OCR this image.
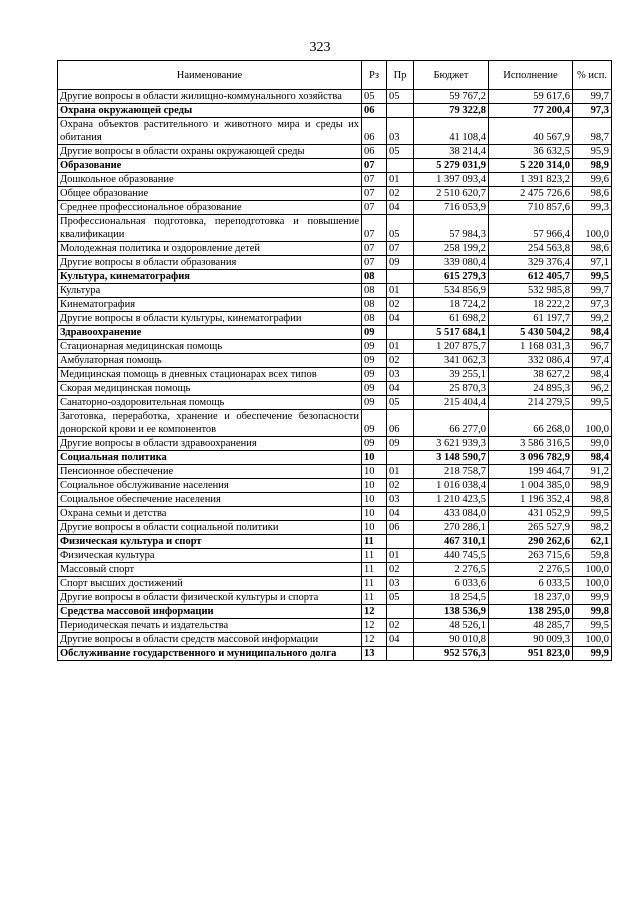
323
Наименование	Рз	Пр	Бюджет	Исполнение	% исп.
Другие вопросы в области жилищно-коммунального хозяйства	05	05	59 767,2	59 617,6	99,7
Охрана окружающей среды	06		79 322,8	77 200,4	97,3
Охрана объектов растительного и животного мира и среды их обитания	06	03	41 108,4	40 567,9	98,7
Другие вопросы в области охраны окружающей среды	06	05	38 214,4	36 632,5	95,9
Образование	07		5 279 031,9	5 220 314,0	98,9
Дошкольное образование	07	01	1 397 093,4	1 391 823,2	99,6
Общее образование	07	02	2 510 620,7	2 475 726,6	98,6
Среднее профессиональное образование	07	04	716 053,9	710 857,6	99,3
Профессиональная подготовка, переподготовка и повышение квалификации	07	05	57 984,3	57 966,4	100,0
Молодежная политика и оздоровление детей	07	07	258 199,2	254 563,8	98,6
Другие вопросы в области образования	07	09	339 080,4	329 376,4	97,1
Культура, кинематография	08		615 279,3	612 405,7	99,5
Культура	08	01	534 856,9	532 985,8	99,7
Кинематография	08	02	18 724,2	18 222,2	97,3
Другие вопросы в области культуры, кинематографии	08	04	61 698,2	61 197,7	99,2
Здравоохранение	09		5 517 684,1	5 430 504,2	98,4
Стационарная медицинская помощь	09	01	1 207 875,7	1 168 031,3	96,7
Амбулаторная помощь	09	02	341 062,3	332 086,4	97,4
Медицинская помощь в дневных стационарах всех типов	09	03	39 255,1	38 627,2	98,4
Скорая медицинская помощь	09	04	25 870,3	24 895,3	96,2
Санаторно-оздоровительная помощь	09	05	215 404,4	214 279,5	99,5
Заготовка, переработка, хранение и обеспечение безопасности донорской крови и ее компонентов	09	06	66 277,0	66 268,0	100,0
Другие вопросы в области здравоохранения	09	09	3 621 939,3	3 586 316,5	99,0
Социальная политика	10		3 148 590,7	3 096 782,9	98,4
Пенсионное обеспечение	10	01	218 758,7	199 464,7	91,2
Социальное обслуживание населения	10	02	1 016 038,4	1 004 385,0	98,9
Социальное обеспечение населения	10	03	1 210 423,5	1 196 352,4	98,8
Охрана семьи и детства	10	04	433 084,0	431 052,9	99,5
Другие вопросы в области социальной политики	10	06	270 286,1	265 527,9	98,2
Физическая культура и спорт	11		467 310,1	290 262,6	62,1
Физическая культура	11	01	440 745,5	263 715,6	59,8
Массовый спорт	11	02	2 276,5	2 276,5	100,0
Спорт высших достижений	11	03	6 033,6	6 033,5	100,0
Другие вопросы в области физической культуры и спорта	11	05	18 254,5	18 237,0	99,9
Средства массовой информации	12		138 536,9	138 295,0	99,8
Периодическая печать и издательства	12	02	48 526,1	48 285,7	99,5
Другие вопросы в области средств массовой информации	12	04	90 010,8	90 009,3	100,0
Обслуживание государственного и муниципального долга	13		952 576,3	951 823,0	99,9
